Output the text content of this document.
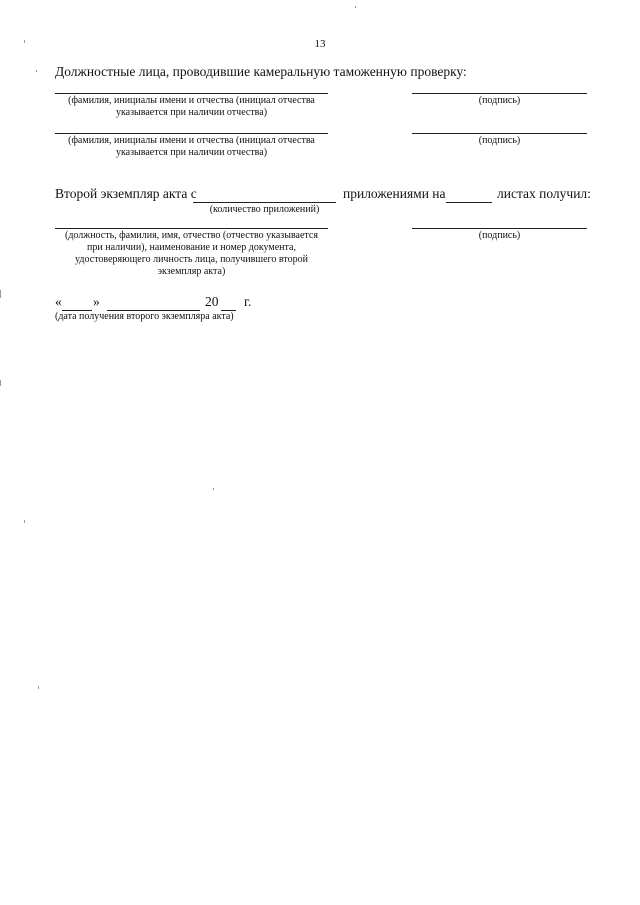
13
Должностные лица, проводившие камеральную таможенную проверку:
(фамилия, инициалы имени и отчества (инициал отчества
указывается при наличии отчества)
(подпись)
(фамилия, инициалы имени и отчества (инициал отчества
указывается при наличии отчества)
(подпись)
Второй экземпляр акта с	приложениями на	листах получил:
(количество приложений)
(должность, фамилия, имя, отчество (отчество указывается
при наличии), наименование и номер документа,
удостоверяющего личность лица, получившего второй
экземпляр акта)
(подпись)
« »	20 г.
(дата получения второго экземпляра акта)
